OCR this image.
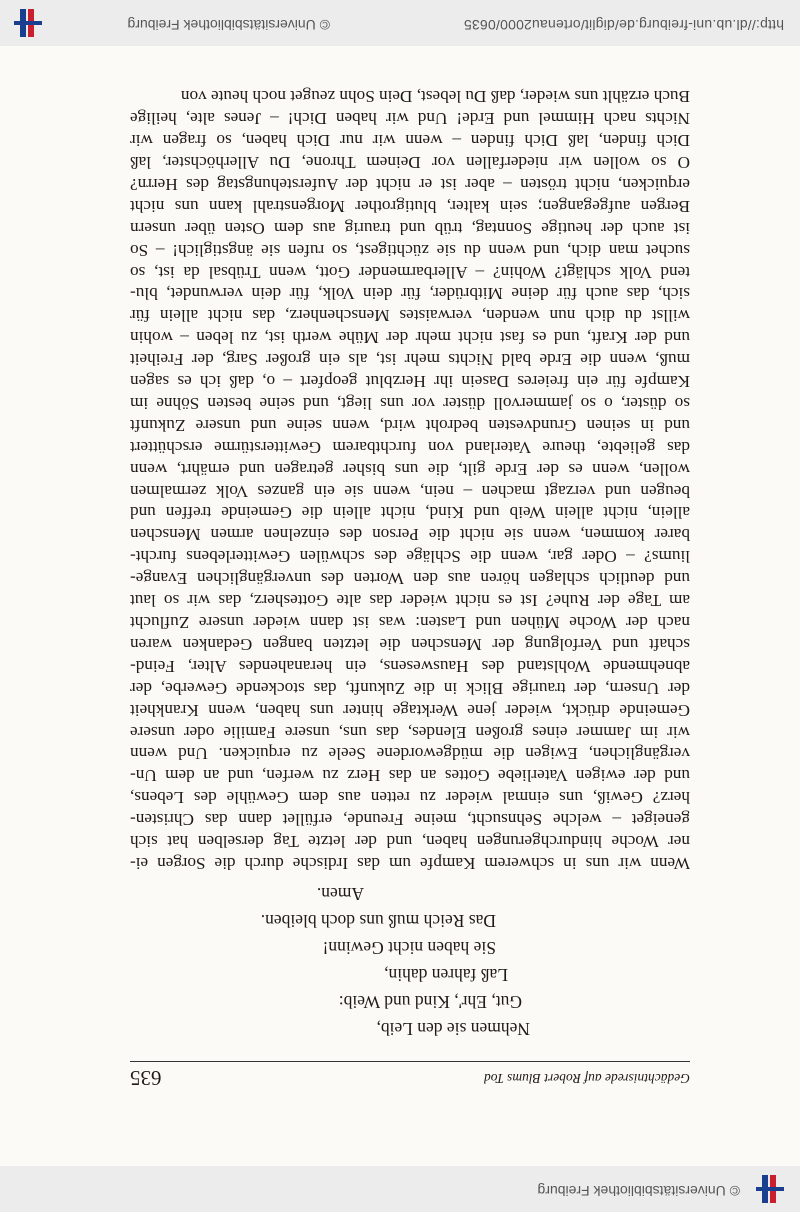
© Universitätsbibliothek Freiburg
Gedächtnisrede auf Robert Blums Tod
635
Nehmen sie den Leib,
Gut, Ehr', Kind und Weib:
Laß fahren dahin,
Sie haben nicht Gewinn!
Das Reich muß uns doch bleiben.
Amen.
Wenn wir uns in schwerem Kampfe um das Irdische durch die Sorgen ei-
ner Woche hindurchgerungen haben, und der letzte Tag derselben hat sich
geneiget – welche Sehnsucht, meine Freunde, erfüllet dann das Christen-
herz? Gewiß, uns einmal wieder zu retten aus dem Gewühle des Lebens,
und der ewigen Vaterliebe Gottes an das Herz zu werfen, und an dem Un-
vergänglichen, Ewigen die müdgewordene Seele zu erquicken. Und wenn
wir im Jammer eines großen Elendes, das uns, unsere Familie oder unsere
Gemeinde drückt, wieder jene Werktage hinter uns haben, wenn Krankheit
der Unsern, der traurige Blick in die Zukunft, das stockende Gewerbe, der
abnehmende Wohlstand des Hauswesens, ein heranahendes Alter, Feind-
schaft und Verfolgung der Menschen die letzten bangen Gedanken waren
nach der Woche Mühen und Lasten: was ist dann wieder unsere Zuflucht
am Tage der Ruhe? Ist es nicht wieder das alte Gottesherz, das wir so laut
und deutlich schlagen hören aus den Worten des unvergänglichen Evange-
liums? – Oder gar, wenn die Schläge des schwülen Gewitterlebens furcht-
barer kommen, wenn sie nicht die Person des einzelnen armen Menschen
allein, nicht allein Weib und Kind, nicht allein die Gemeinde treffen und
beugen und verzagt machen – nein, wenn sie ein ganzes Volk zermalmen
wollen, wenn es der Erde gilt, die uns bisher getragen und ernährt, wenn
das geliebte, theure Vaterland von furchtbarem Gewitterstürme erschüttert
und in seinen Grundvesten bedroht wird, wenn seine und unsere Zukunft
so düster, o so jammervoll düster vor uns liegt, und seine besten Söhne im
Kampfe für ein freieres Dasein ihr Herzblut geopfert – o, daß ich es sagen
muß, wenn die Erde bald Nichts mehr ist, als ein großer Sarg, der Freiheit
und der Kraft, und es fast nicht mehr der Mühe werth ist, zu leben – wohin
willst du dich nun wenden, verwaistes Menschenherz, das nicht allein für
sich, das auch für deine Mitbrüder, für dein Volk, für dein verwundet, blu-
tend Volk schlägt? Wohin? – Allerbarmender Gott, wenn Trübsal da ist, so
suchet man dich, und wenn du sie züchtigest, so rufen sie ängstiglich! – So
ist auch der heutige Sonntag, trüb und traurig aus dem Osten über unsern
Bergen aufgegangen; sein kalter, blutigrother Morgenstrahl kann uns nicht
erquicken, nicht trösten – aber ist er nicht der Auferstehungstag des Herrn?
O so wollen wir niederfallen vor Deinem Throne, Du Allerhöchster, laß
Dich finden, laß Dich finden – wenn wir nur Dich haben, so fragen wir
Nichts nach Himmel und Erde! Und wir haben Dich! – Jenes alte, heilige
Buch erzählt uns wieder, daß Du lebest, Dein Sohn zeuget noch heute von
http://dl.ub.uni-freiburg.de/diglit/ortenau2000/0635
© Universitätsbibliothek Freiburg
